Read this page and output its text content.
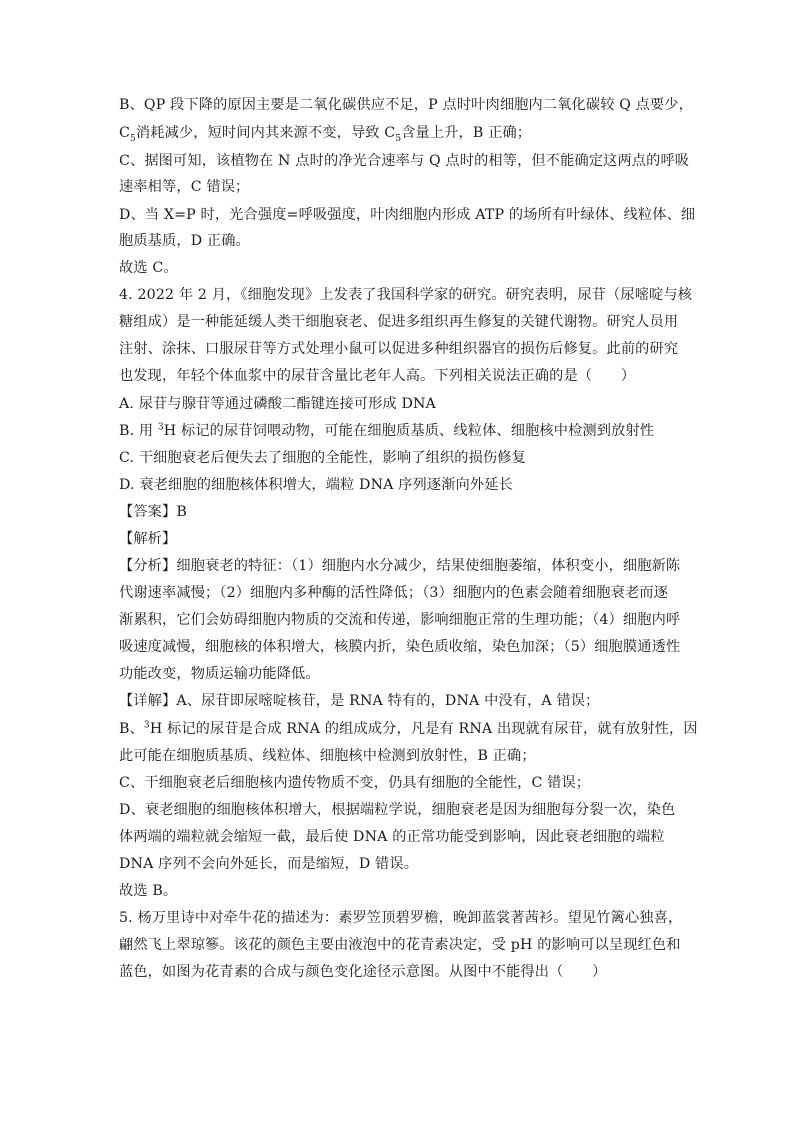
B、QP 段下降的原因主要是二氧化碳供应不足，P 点时叶肉细胞内二氧化碳较 Q 点要少，
$C_5$消耗减少，短时间内其来源不变，导致 $C_5$含量上升，B 正确；
C、据图可知，该植物在 N 点时的净光合速率与 Q 点时的相等，但不能确定这两点的呼吸
速率相等，C 错误；
D、当 X=P 时，光合强度=呼吸强度，叶肉细胞内形成 ATP 的场所有叶绿体、线粒体、细
胞质基质，D 正确。
故选 C。
4. 2022 年 2 月，《细胞发现》上发表了我国科学家的研究。研究表明，尿苷（尿嘧啶与核
糖组成）是一种能延缓人类干细胞衰老、促进多组织再生修复的关键代谢物。研究人员用
注射、涂抹、口服尿苷等方式处理小鼠可以促进多种组织器官的损伤后修复。此前的研究
也发现，年轻个体血浆中的尿苷含量比老年人高。下列相关说法正确的是（　　）
A. 尿苷与腺苷等通过磷酸二酯键连接可形成 DNA
B. 用 $^3$H 标记的尿苷饲喂动物，可能在细胞质基质、线粒体、细胞核中检测到放射性
C. 干细胞衰老后便失去了细胞的全能性，影响了组织的损伤修复
D. 衰老细胞的细胞核体积增大，端粒 DNA 序列逐渐向外延长
【答案】B
【解析】
【分析】细胞衰老的特征：（1）细胞内水分减少，结果使细胞萎缩，体积变小，细胞新陈
代谢速率减慢；（2）细胞内多种酶的活性降低；（3）细胞内的色素会随着细胞衰老而逐
渐累积，它们会妨碍细胞内物质的交流和传递，影响细胞正常的生理功能；（4）细胞内呼
吸速度减慢，细胞核的体积增大，核膜内折，染色质收缩，染色加深；（5）细胞膜通透性
功能改变，物质运输功能降低。
【详解】A、尿苷即尿嘧啶核苷，是 RNA 特有的，DNA 中没有，A 错误；
B、$^3$H 标记的尿苷是合成 RNA 的组成成分，凡是有 RNA 出现就有尿苷，就有放射性，因
此可能在细胞质基质、线粒体、细胞核中检测到放射性，B 正确；
C、干细胞衰老后细胞核内遗传物质不变，仍具有细胞的全能性，C 错误；
D、衰老细胞的细胞核体积增大，根据端粒学说，细胞衰老是因为细胞每分裂一次，染色
体两端的端粒就会缩短一截，最后使 DNA 的正常功能受到影响，因此衰老细胞的端粒
DNA 序列不会向外延长，而是缩短，D 错误。
故选 B。
5. 杨万里诗中对牵牛花的描述为：素罗笠顶碧罗檐，晚卸蓝裳著茜衫。望见竹篱心独喜，
翩然飞上翠琼篸。该花的颜色主要由液泡中的花青素决定，受 pH 的影响可以呈现红色和
蓝色，如图为花青素的合成与颜色变化途径示意图。从图中不能得出（　　）
